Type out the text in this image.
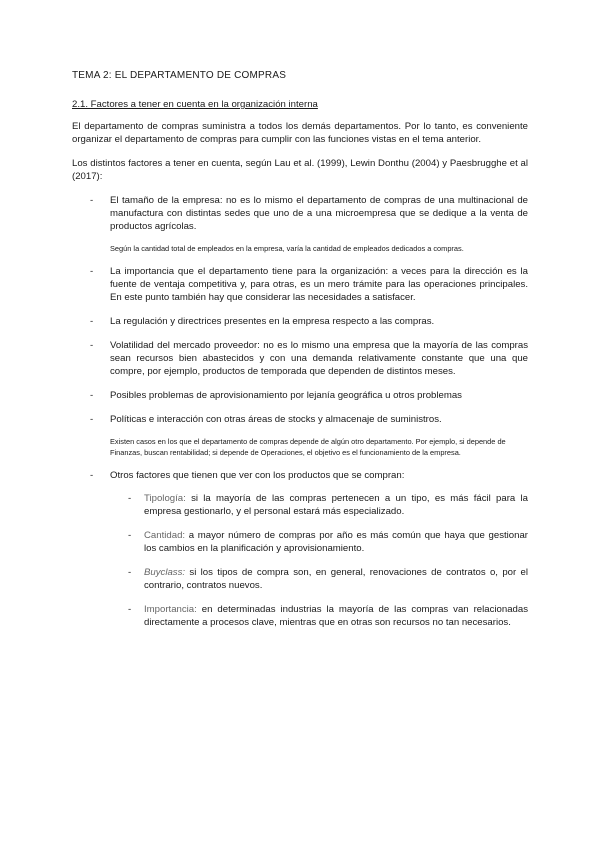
TEMA 2: EL DEPARTAMENTO DE COMPRAS
2.1. Factores a tener en cuenta en la organización interna

El departamento de compras suministra a todos los demás departamentos. Por lo tanto, es conveniente organizar el departamento de compras para cumplir con las funciones vistas en el tema anterior.

Los distintos factores a tener en cuenta, según Lau et al. (1999), Lewin Donthu (2004) y Paesbrugghe et al (2017):

- El tamaño de la empresa: no es lo mismo el departamento de compras de una multinacional de manufactura con distintas sedes que uno de a una microempresa que se dedique a la venta de productos agrícolas.
Según la cantidad total de empleados en la empresa, varía la cantidad de empleados dedicados a compras.
- La importancia que el departamento tiene para la organización: a veces para la dirección es la fuente de ventaja competitiva y, para otras, es un mero trámite para las operaciones principales. En este punto también hay que considerar las necesidades a satisfacer.
- La regulación y directrices presentes en la empresa respecto a las compras.
- Volatilidad del mercado proveedor: no es lo mismo una empresa que la mayoría de las compras sean recursos bien abastecidos y con una demanda relativamente constante que una que compre, por ejemplo, productos de temporada que dependen de distintos meses.
- Posibles problemas de aprovisionamiento por lejanía geográfica u otros problemas
- Políticas e interacción con otras áreas de stocks y almacenaje de suministros.
Existen casos en los que el departamento de compras depende de algún otro departamento. Por ejemplo, si depende de Finanzas, buscan rentabilidad; si depende de Operaciones, el objetivo es el funcionamiento de la empresa.
- Otros factores que tienen que ver con los productos que se compran:
- Tipología: si la mayoría de las compras pertenecen a un tipo, es más fácil para la empresa gestionarlo, y el personal estará más especializado.
- Cantidad: a mayor número de compras por año es más común que haya que gestionar los cambios en la planificación y aprovisionamiento.
- Buyclass: si los tipos de compra son, en general, renovaciones de contratos o, por el contrario, contratos nuevos.
- Importancia: en determinadas industrias la mayoría de las compras van relacionadas directamente a procesos clave, mientras que en otras son recursos no tan necesarios.
